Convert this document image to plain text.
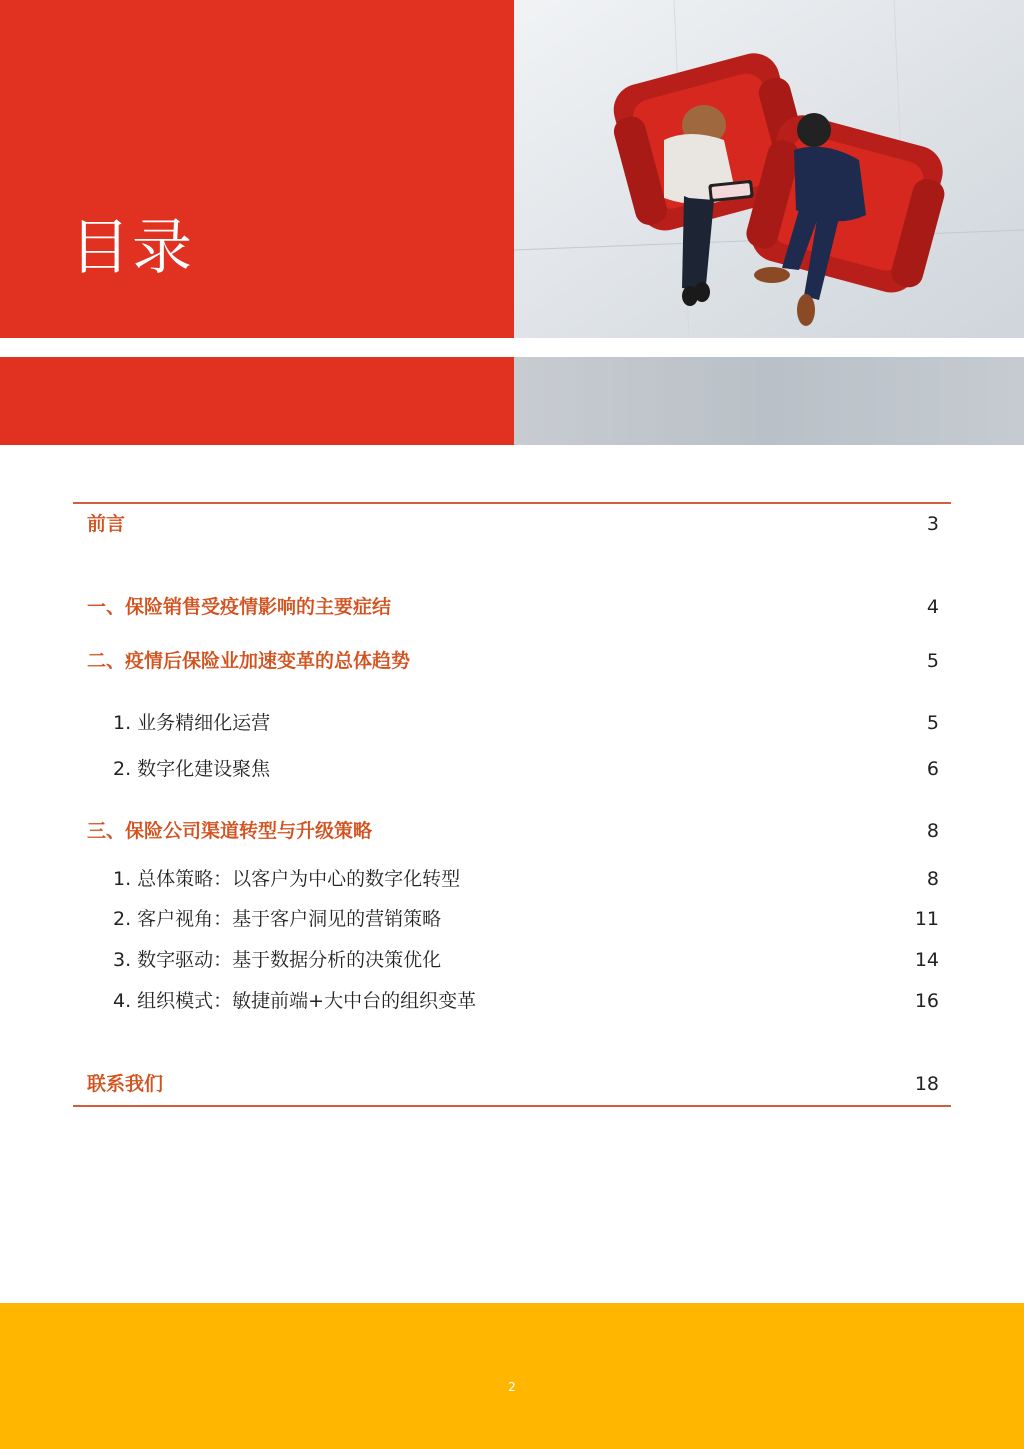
目录
前言	3
一、保险销售受疫情影响的主要症结	4
二、疫情后保险业加速变革的总体趋势	5
1. 业务精细化运营	5
2. 数字化建设聚焦	6
三、保险公司渠道转型与升级策略	8
1. 总体策略：以客户为中心的数字化转型	8
2. 客户视角：基于客户洞见的营销策略	11
3. 数字驱动：基于数据分析的决策优化	14
4. 组织模式：敏捷前端+大中台的组织变革	16
联系我们	18
2
